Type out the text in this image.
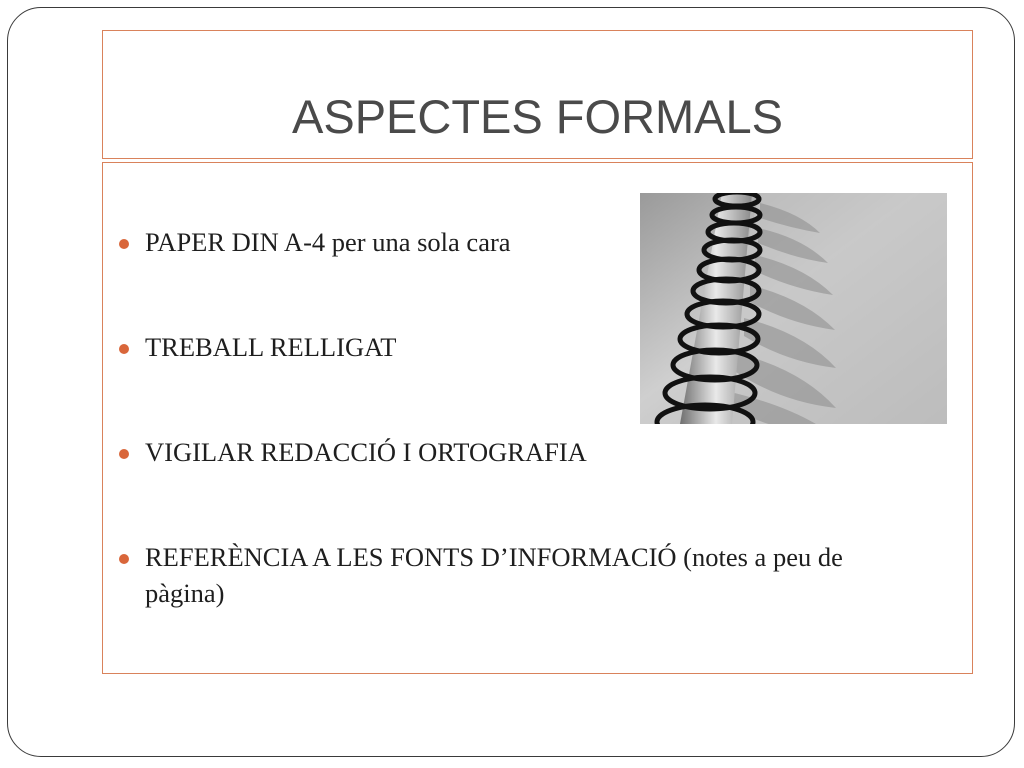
ASPECTES FORMALS
PAPER DIN A-4 per una sola cara
TREBALL RELLIGAT
VIGILAR REDACCIÓ I ORTOGRAFIA
REFERÈNCIA A LES FONTS D’INFORMACIÓ (notes a peu de pàgina)
